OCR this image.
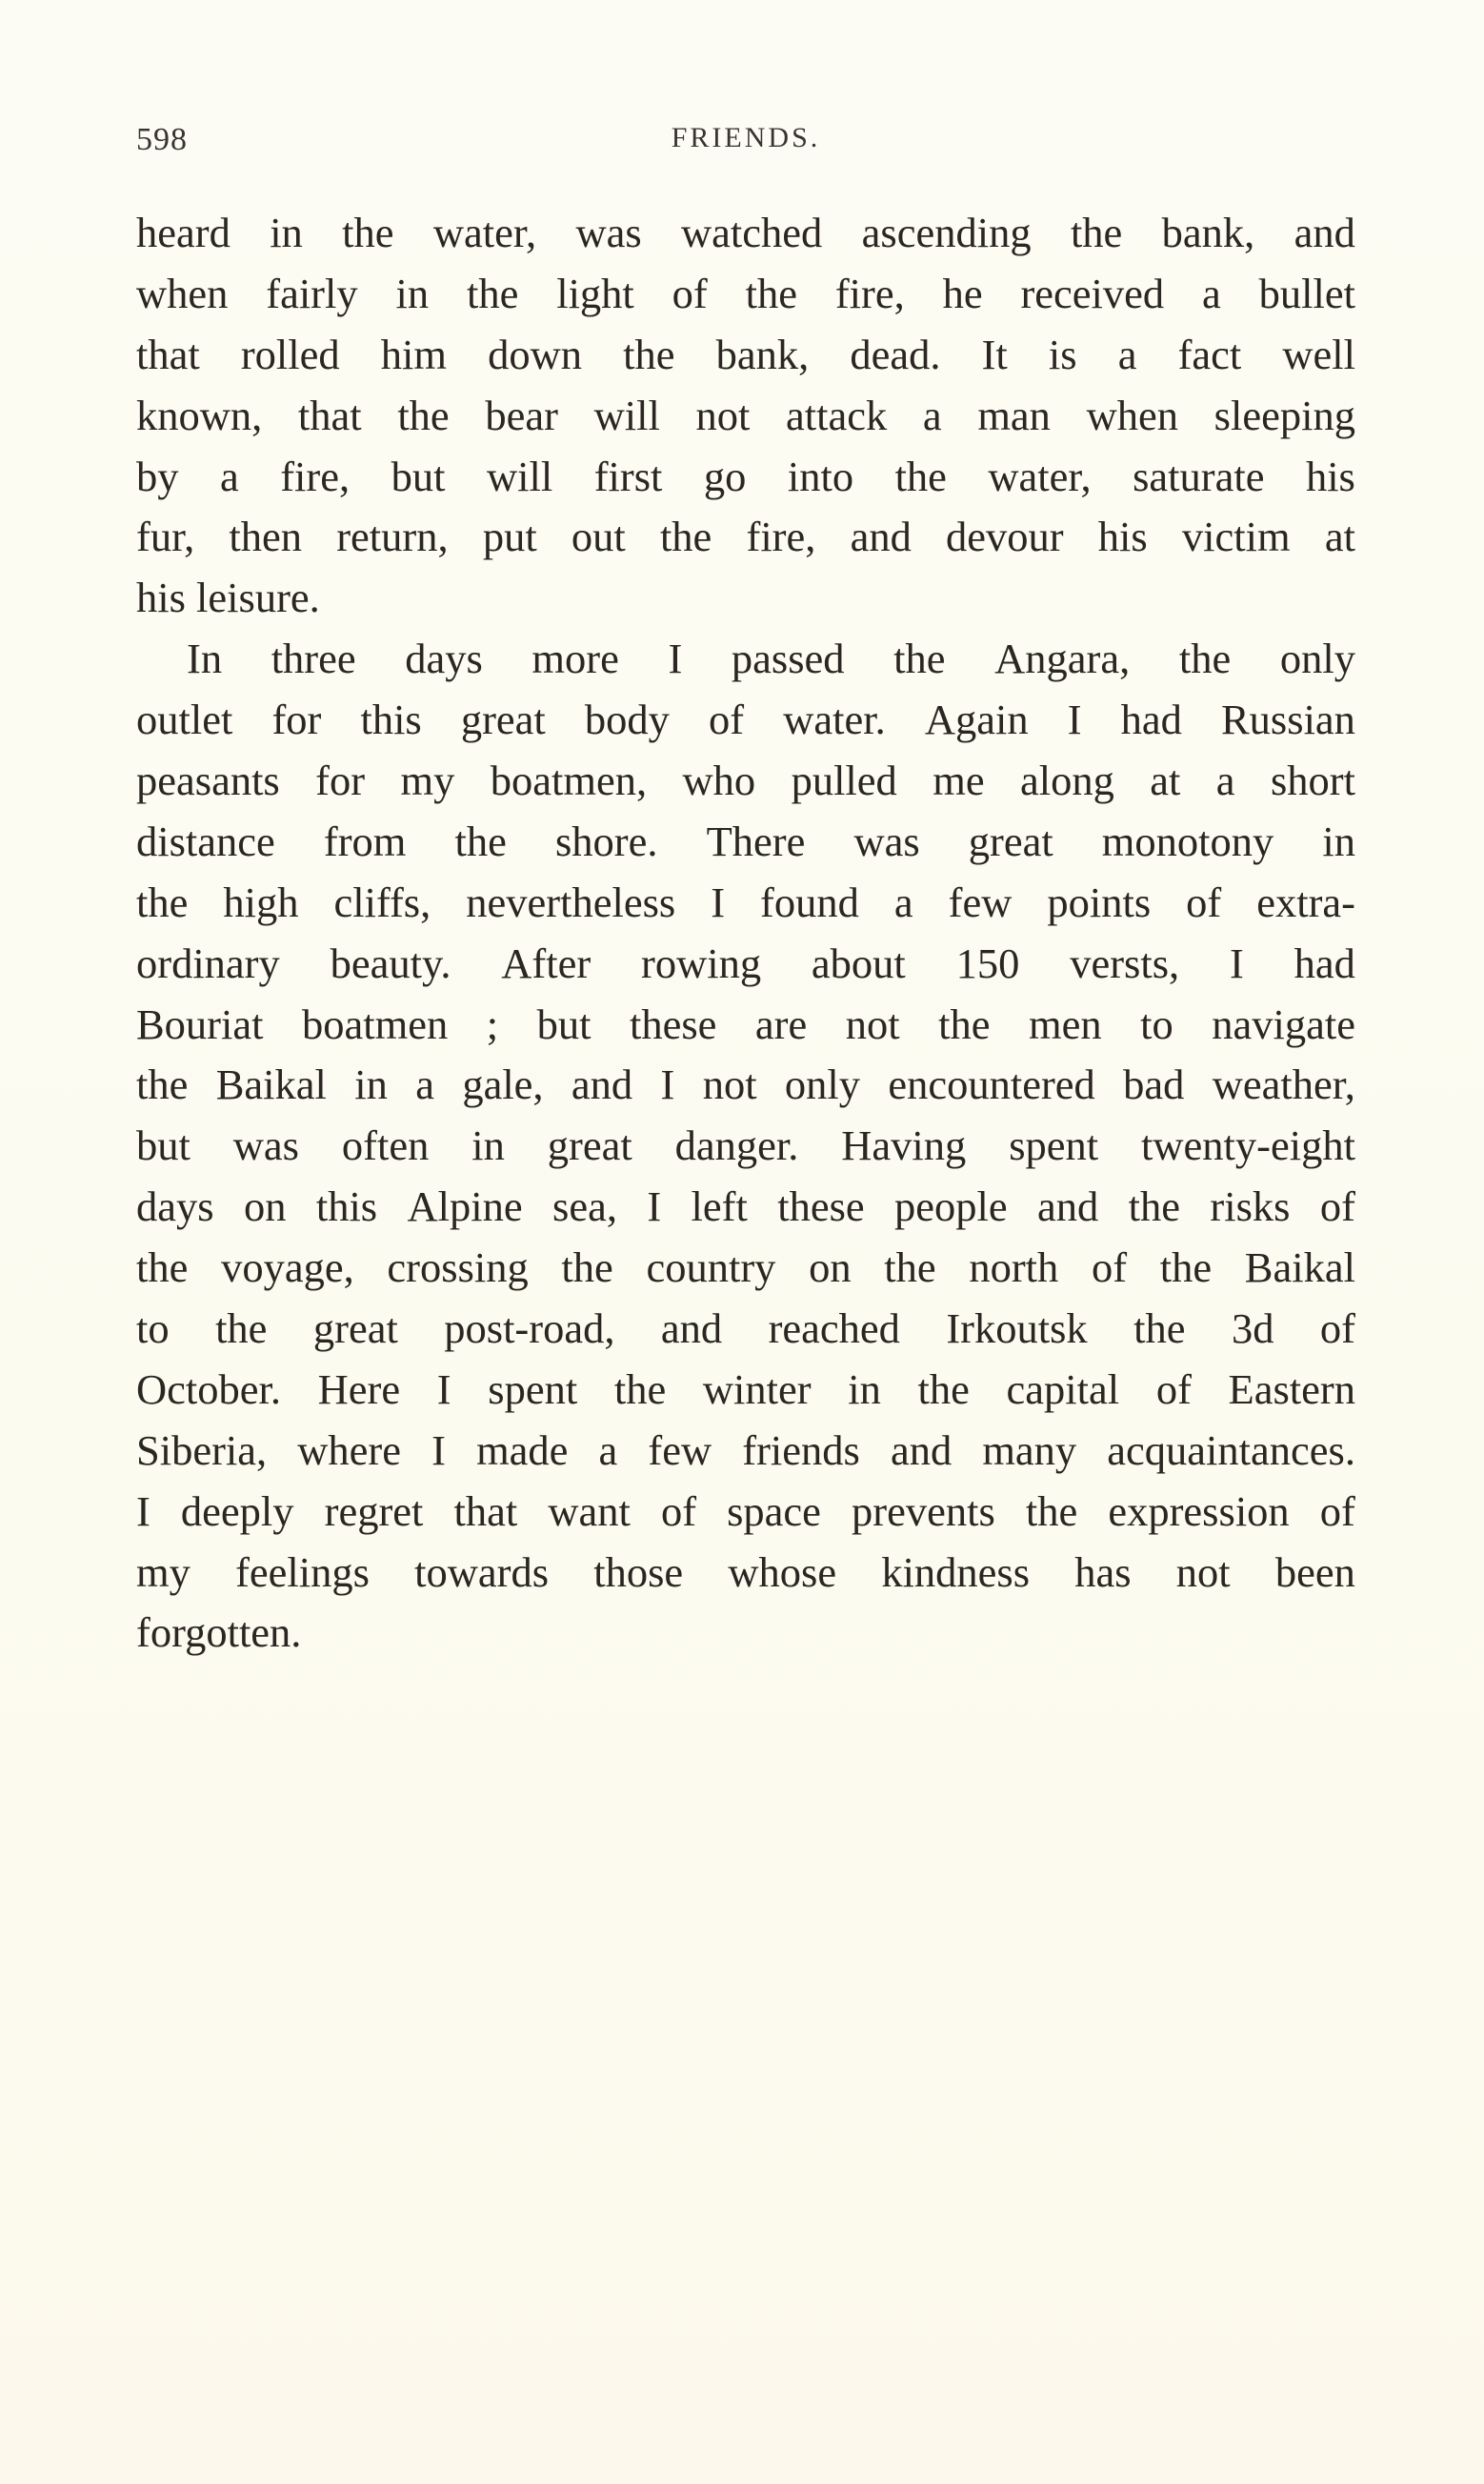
598	FRIENDS.
heard in the water, was watched ascending the bank, and
when fairly in the light of the fire, he received a bullet
that rolled him down the bank, dead. It is a fact well
known, that the bear will not attack a man when sleeping
by a fire, but will first go into the water, saturate his
fur, then return, put out the fire, and devour his victim at
his leisure.
In three days more I passed the Angara, the only
outlet for this great body of water. Again I had Russian
peasants for my boatmen, who pulled me along at a short
distance from the shore. There was great monotony in
the high cliffs, nevertheless I found a few points of extra-
ordinary beauty. After rowing about 150 versts, I had
Bouriat boatmen ; but these are not the men to navigate
the Baikal in a gale, and I not only encountered bad weather,
but was often in great danger. Having spent twenty-eight
days on this Alpine sea, I left these people and the risks of
the voyage, crossing the country on the north of the Baikal
to the great post-road, and reached Irkoutsk the 3d of
October. Here I spent the winter in the capital of Eastern
Siberia, where I made a few friends and many acquaintances.
I deeply regret that want of space prevents the expression of
my feelings towards those whose kindness has not been
forgotten.
